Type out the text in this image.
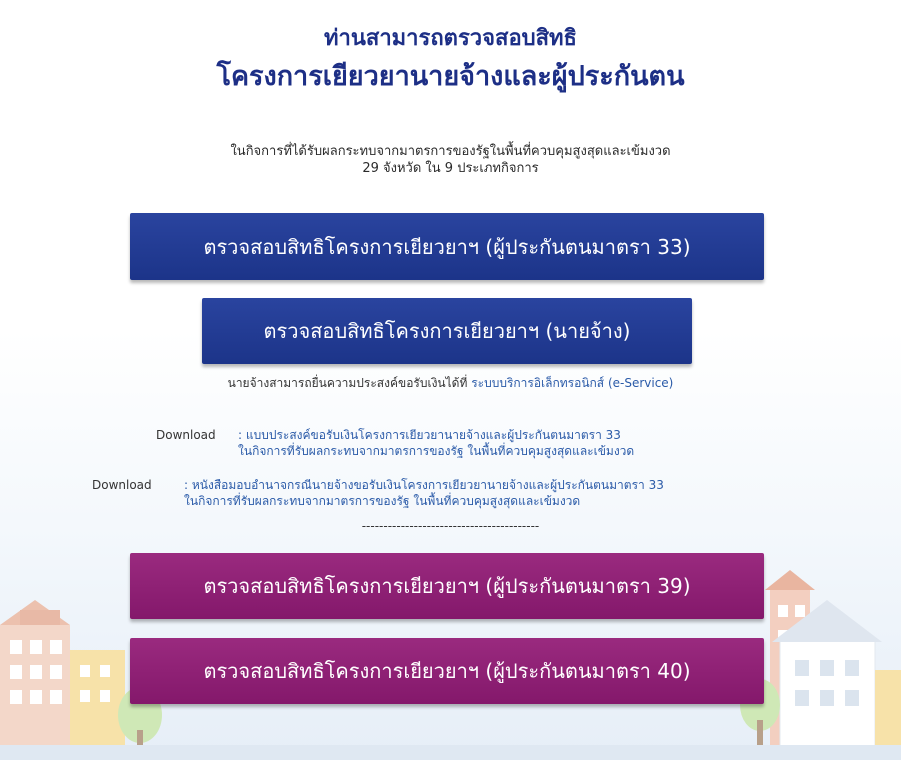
ท่านสามารถตรวจสอบสิทธิ
โครงการเยียวยานายจ้างและผู้ประกันตน
ในกิจการที่ได้รับผลกระทบจากมาตรการของรัฐในพื้นที่ควบคุมสูงสุดและเข้มงวด
29 จังหวัด ใน 9 ประเภทกิจการ
ตรวจสอบสิทธิโครงการเยียวยาฯ (ผู้ประกันตนมาตรา 33)
ตรวจสอบสิทธิโครงการเยียวยาฯ (นายจ้าง)
นายจ้างสามารถยื่นความประสงค์ขอรับเงินได้ที่ ระบบบริการอิเล็กทรอนิกส์ (e-Service)
Download : แบบประสงค์ขอรับเงินโครงการเยียวยานายจ้างและผู้ประกันตนมาตรา 33
ในกิจการที่รับผลกระทบจากมาตรการของรัฐ ในพื้นที่ควบคุมสูงสุดและเข้มงวด
Download	: หนังสือมอบอำนาจกรณีนายจ้างขอรับเงินโครงการเยียวยานายจ้างและผู้ประกันตนมาตรา 33
ในกิจการที่รับผลกระทบจากมาตรการของรัฐ ในพื้นที่ควบคุมสูงสุดและเข้มงวด
-----------------------------------------
ตรวจสอบสิทธิโครงการเยียวยาฯ (ผู้ประกันตนมาตรา 39)
ตรวจสอบสิทธิโครงการเยียวยาฯ (ผู้ประกันตนมาตรา 40)
